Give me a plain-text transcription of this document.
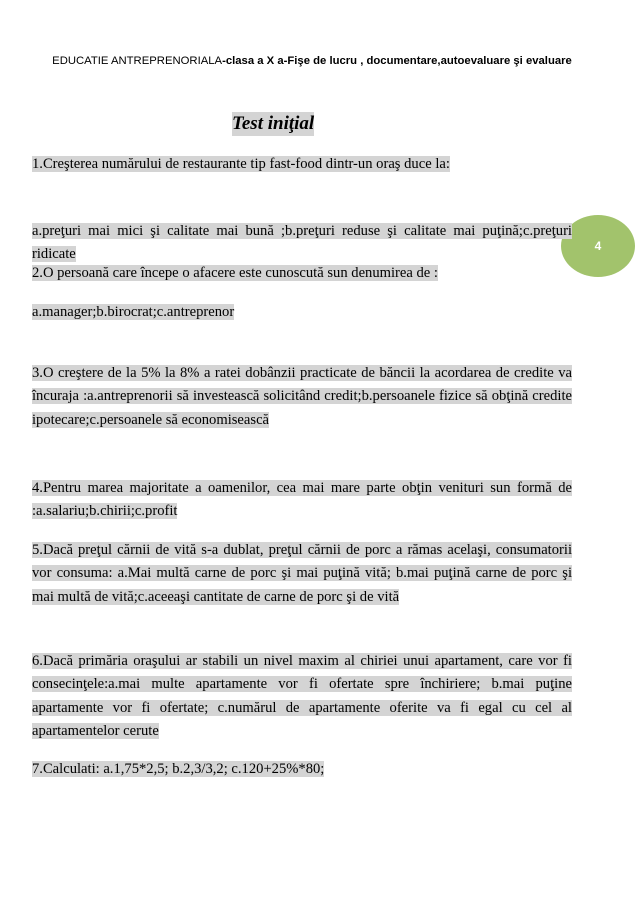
EDUCATIE ANTREPRENORIALA-clasa a X a-Fişe de lucru , documentare,autoevaluare şi evaluare
4
Test iniţial
1.Creşterea numărului de restaurante tip fast-food dintr-un oraş duce la:

a.preţuri mai mici şi calitate mai bună ;b.preţuri reduse şi calitate mai puţină;c.preţuri ridicate

2.O persoană care începe o afacere este cunoscută sun denumirea de :
a.manager;b.birocrat;c.antreprenor

3.O creştere de la 5% la 8% a ratei dobânzii practicate de băncii la acordarea de credite va încuraja :a.antreprenorii să investească solicitând credit;b.persoanele fizice să obţină credite ipotecare;c.persoanele să economisească

4.Pentru marea majoritate a oamenilor, cea mai mare parte obţin venituri sun formă de :a.salariu;b.chirii;c.profit

5.Dacă preţul cărnii de vită s-a dublat, preţul cărnii de porc a rămas acelaşi, consumatorii vor consuma: a.Mai multă carne de porc şi mai puţină vită; b.mai puţină carne de porc şi mai multă de vită;c.aceeaşi cantitate de carne de porc şi de vită

6.Dacă primăria oraşului ar stabili un nivel maxim al chiriei unui apartament, care vor fi consecinţele:a.mai multe apartamente vor fi ofertate spre închiriere; b.mai puţine apartamente vor fi ofertate; c.numărul de apartamente oferite va fi egal cu cel al apartamentelor cerute

7.Calculati: a.1,75*2,5; b.2,3/3,2; c.120+25%*80;
